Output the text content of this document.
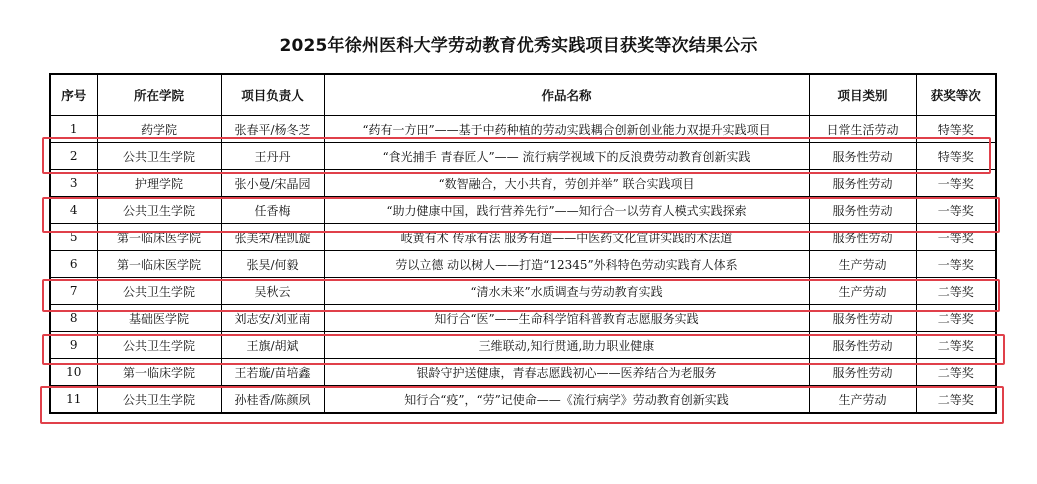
2025年徐州医科大学劳动教育优秀实践项目获奖等次结果公示
序号	所在学院	项目负责人	作品名称	项目类别	获奖等次
1	药学院	张春平/杨冬芝	“药有一方田”——基于中药种植的劳动实践耦合创新创业能力双提升实践项目	日常生活劳动	特等奖
2	公共卫生学院	王丹丹	“食光捕手 青春匠人”—— 流行病学视域下的反浪费劳动教育创新实践	服务性劳动	特等奖
3	护理学院	张小曼/宋晶园	“数智融合，大小共育，劳创并举” 联合实践项目	服务性劳动	一等奖
4	公共卫生学院	任香梅	“助力健康中国，践行营养先行”——知行合一以劳育人模式实践探索	服务性劳动	一等奖
5	第一临床医学院	张美荣/程凯旋	岐黄有术 传承有法 服务有道——中医药文化宣讲实践的术法道	服务性劳动	一等奖
6	第一临床医学院	张昊/何毅	劳以立德 动以树人——打造“12345”外科特色劳动实践育人体系	生产劳动	一等奖
7	公共卫生学院	吴秋云	“清水未来”水质调查与劳动教育实践	生产劳动	二等奖
8	基础医学院	刘志安/刘亚南	知行合“医”——生命科学馆科普教育志愿服务实践	服务性劳动	二等奖
9	公共卫生学院	王旗/胡斌	三维联动,知行贯通,助力职业健康	服务性劳动	二等奖
10	第一临床学院	王若璇/苗培鑫	银龄守护送健康，青春志愿践初心——医养结合为老服务	服务性劳动	二等奖
11	公共卫生学院	孙桂香/陈颜夙	知行合“疫”，“劳”记使命——《流行病学》劳动教育创新实践	生产劳动	二等奖
